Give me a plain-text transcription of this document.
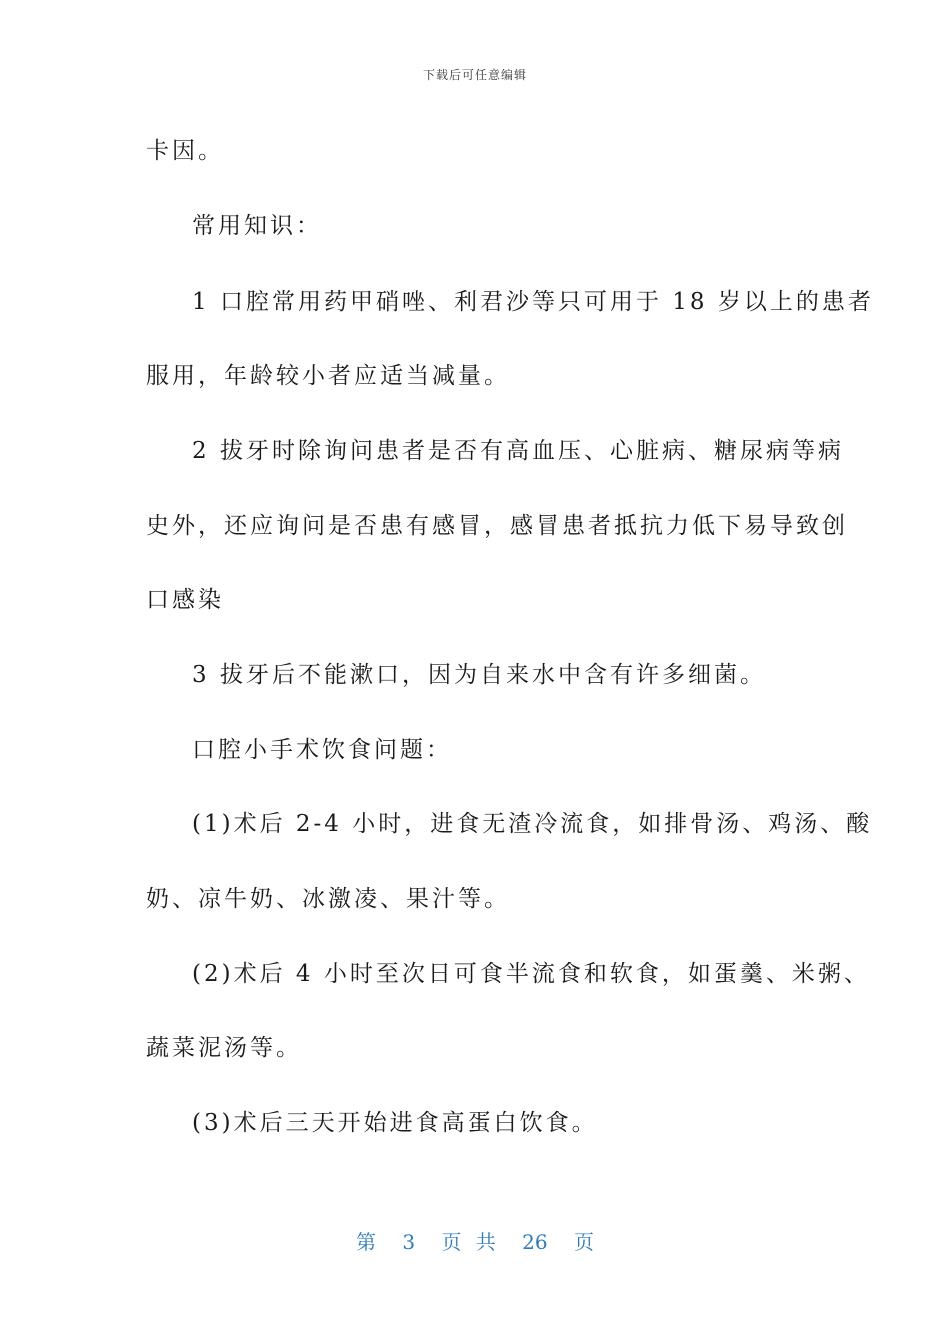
下载后可任意编辑
卡因。
常用知识：
1 口腔常用药甲硝唑、利君沙等只可用于 18 岁以上的患者
服用，年龄较小者应适当减量。
2 拔牙时除询问患者是否有高血压、心脏病、糖尿病等病
史外，还应询问是否患有感冒，感冒患者抵抗力低下易导致创
口感染
3 拔牙后不能漱口，因为自来水中含有许多细菌。
口腔小手术饮食问题：
(1)术后 2-4 小时，进食无渣冷流食，如排骨汤、鸡汤、酸
奶、凉牛奶、冰激凌、果汁等。
(2)术后 4 小时至次日可食半流食和软食，如蛋羹、米粥、
蔬菜泥汤等。
(3)术后三天开始进食高蛋白饮食。
第 3 页 共 26 页
